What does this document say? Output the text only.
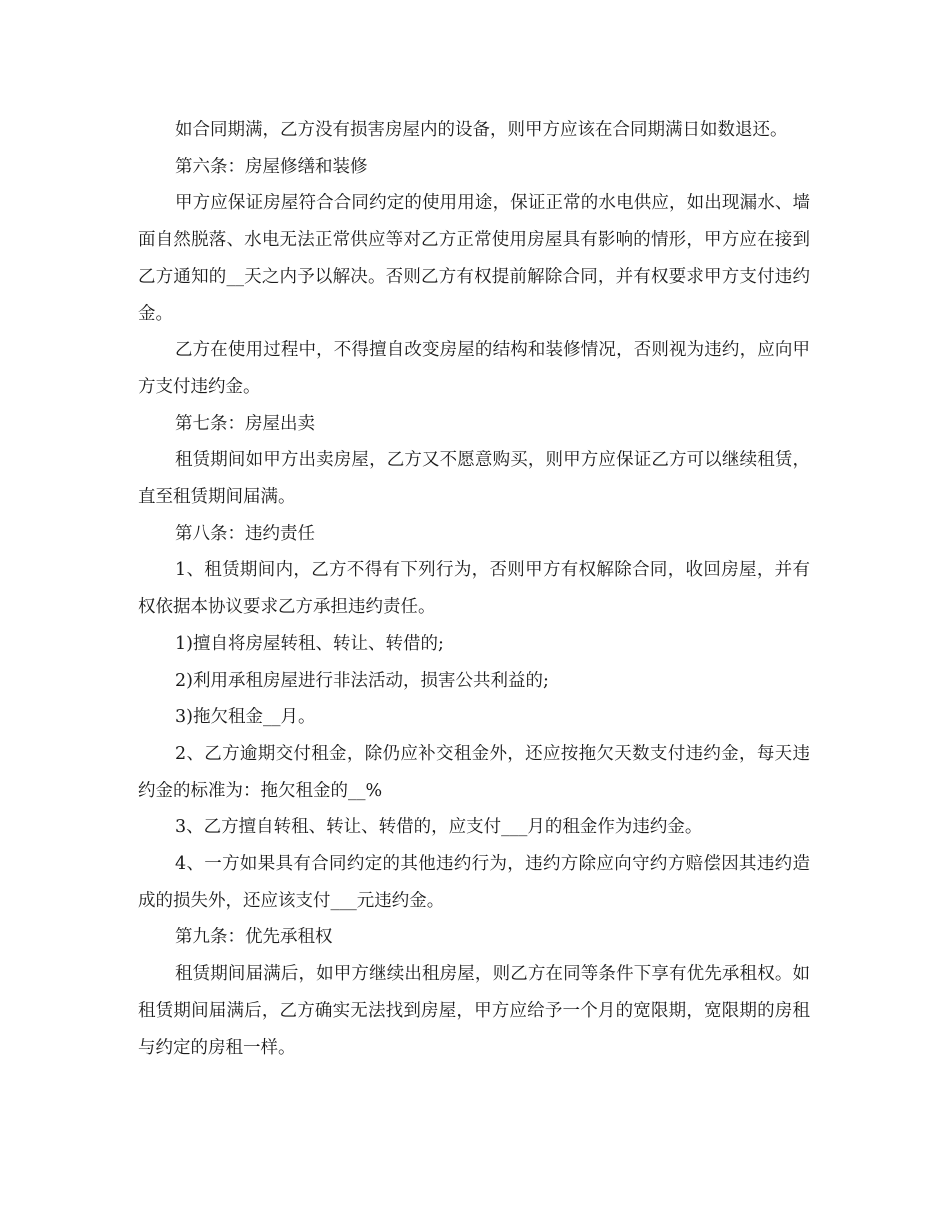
如合同期满，乙方没有损害房屋内的设备，则甲方应该在合同期满日如数退还。

第六条：房屋修缮和装修

甲方应保证房屋符合合同约定的使用用途，保证正常的水电供应，如出现漏水、墙面自然脱落、水电无法正常供应等对乙方正常使用房屋具有影响的情形，甲方应在接到乙方通知的__天之内予以解决。否则乙方有权提前解除合同，并有权要求甲方支付违约金。

乙方在使用过程中，不得擅自改变房屋的结构和装修情况，否则视为违约，应向甲方支付违约金。

第七条：房屋出卖

租赁期间如甲方出卖房屋，乙方又不愿意购买，则甲方应保证乙方可以继续租赁，直至租赁期间届满。

第八条：违约责任

1、租赁期间内，乙方不得有下列行为，否则甲方有权解除合同，收回房屋，并有权依据本协议要求乙方承担违约责任。

1)擅自将房屋转租、转让、转借的;

2)利用承租房屋进行非法活动，损害公共利益的;

3)拖欠租金__月。

2、乙方逾期交付租金，除仍应补交租金外，还应按拖欠天数支付违约金，每天违约金的标准为：拖欠租金的__%

3、乙方擅自转租、转让、转借的，应支付___月的租金作为违约金。

4、一方如果具有合同约定的其他违约行为，违约方除应向守约方赔偿因其违约造成的损失外，还应该支付___元违约金。

第九条：优先承租权

租赁期间届满后，如甲方继续出租房屋，则乙方在同等条件下享有优先承租权。如租赁期间届满后，乙方确实无法找到房屋，甲方应给予一个月的宽限期，宽限期的房租与约定的房租一样。
